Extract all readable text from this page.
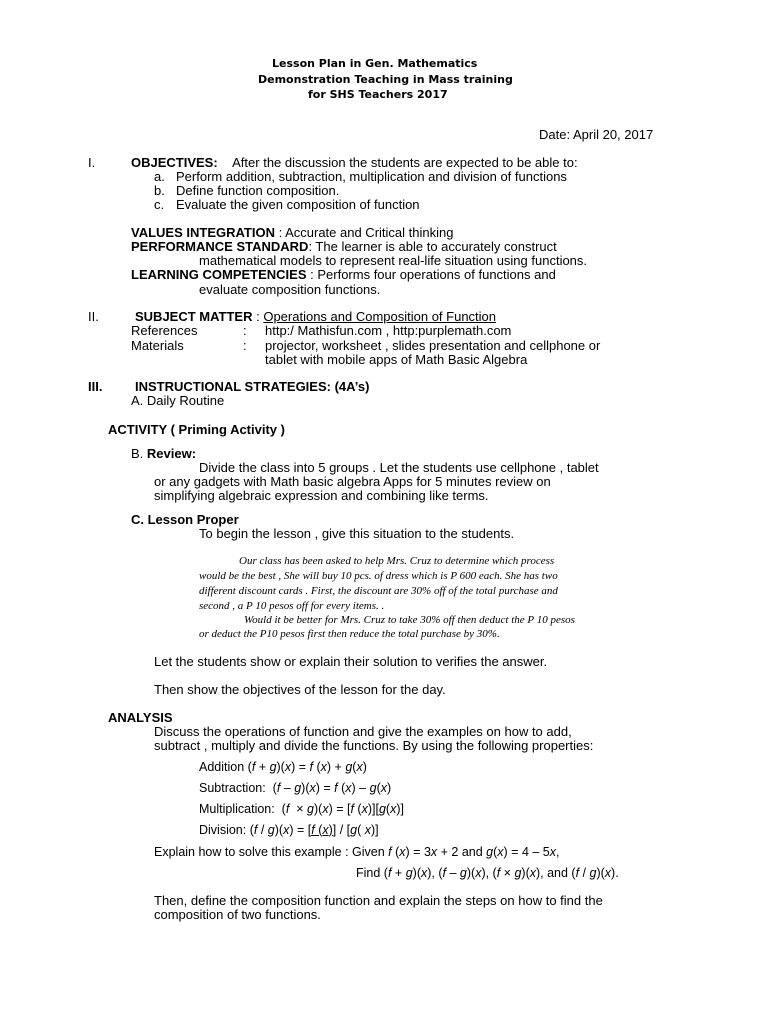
Lesson Plan in Gen. Mathematics
Demonstration Teaching in Mass training
for SHS Teachers 2017
Date: April 20, 2017
I.	OBJECTIVES: After the discussion the students are expected to be able to:
a. Perform addition, subtraction, multiplication and division of functions
b. Define function composition.
c. Evaluate the given composition of function
VALUES INTEGRATION : Accurate and Critical thinking
PERFORMANCE STANDARD: The learner is able to accurately construct
mathematical models to represent real-life situation using functions.
LEARNING COMPETENCIES : Performs four operations of functions and
evaluate composition functions.
II.	SUBJECT MATTER : Operations and Composition of Function
References	: http:/ Mathisfun.com , http:purplemath.com
Materials	: projector, worksheet , slides presentation and cellphone or
tablet with mobile apps of Math Basic Algebra
III.	INSTRUCTIONAL STRATEGIES: (4A’s)
A. Daily Routine
ACTIVITY ( Priming Activity )
B. Review:
Divide the class into 5 groups . Let the students use cellphone , tablet
or any gadgets with Math basic algebra Apps for 5 minutes review on
simplifying algebraic expression and combining like terms.
C. Lesson Proper
To begin the lesson , give this situation to the students.
Our class has been asked to help Mrs. Cruz to determine which process
would be the best , She will buy 10 pcs. of dress which is P 600 each. She has two
different discount cards . First, the discount are 30% off of the total purchase and
second , a P 10 pesos off for every items. .
Would it be better for Mrs. Cruz to take 30% off then deduct the P 10 pesos
or deduct the P10 pesos first then reduce the total purchase by 30%.
Let the students show or explain their solution to verifies the answer.
Then show the objectives of the lesson for the day.
ANALYSIS
Discuss the operations of function and give the examples on how to add,
subtract , multiply and divide the functions. By using the following properties:
Addition (f + g)(x) = f (x) + g(x)
Subtraction:  (f – g)(x) = f (x) – g(x)
Multiplication:  (f  × g)(x) = [f (x)][g(x)]
Division: (f / g)(x) = [f (x)] / [g( x)]
Explain how to solve this example : Given f (x) = 3x + 2 and g(x) = 4 – 5x,
Find (f + g)(x), (f – g)(x), (f × g)(x), and (f / g)(x).
Then, define the composition function and explain the steps on how to find the
composition of two functions.
